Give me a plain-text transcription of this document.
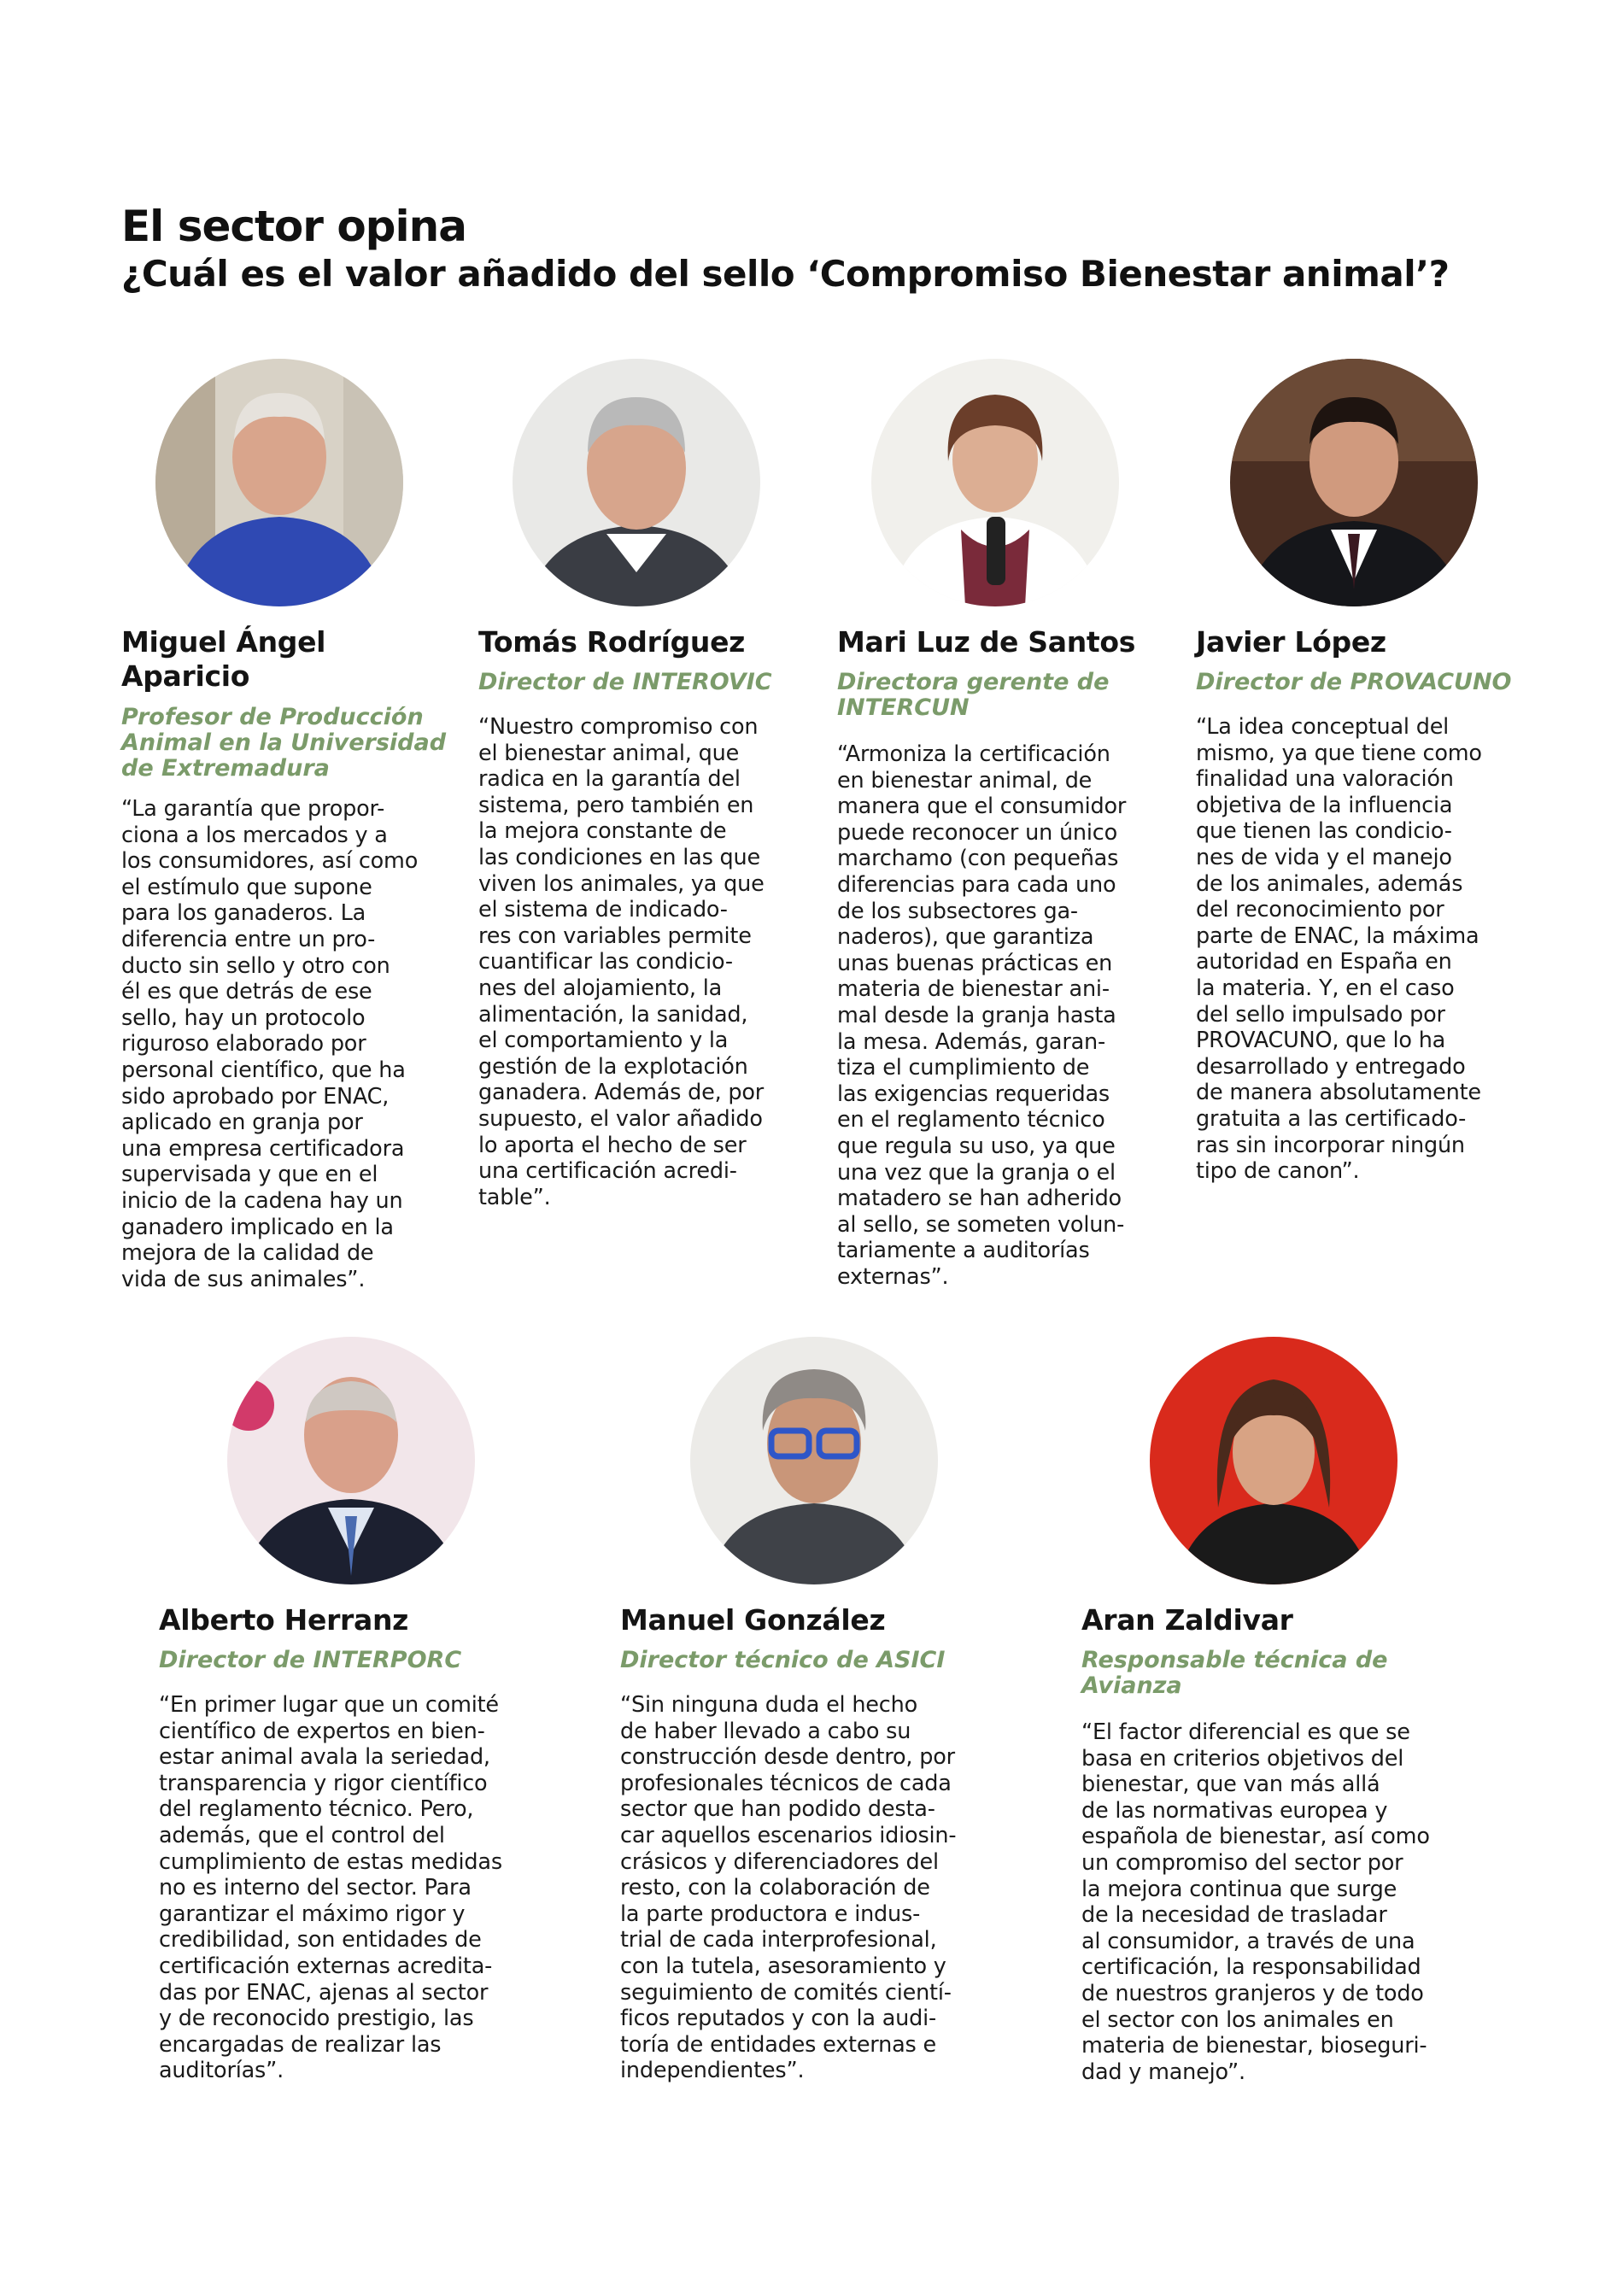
El sector opina
¿Cuál es el valor añadido del sello ‘Compromiso Bienestar animal’?
Miguel Ángel
Aparicio

Profesor de Producción Animal en la Universidad de Extremadura

“La garantía que propor-
ciona a los mercados y a
los consumidores, así como
el estímulo que supone
para los ganaderos. La
diferencia entre un pro-
ducto sin sello y otro con
él es que detrás de ese
sello, hay un protocolo
riguroso elaborado por
personal científico, que ha
sido aprobado por ENAC,
aplicado en granja por
una empresa certificadora
supervisada y que en el
inicio de la cadena hay un
ganadero implicado en la
mejora de la calidad de
vida de sus animales”.

Tomás Rodríguez

Director de INTEROVIC

“Nuestro compromiso con
el bienestar animal, que
radica en la garantía del
sistema, pero también en
la mejora constante de
las condiciones en las que
viven los animales, ya que
el sistema de indicado-
res con variables permite
cuantificar las condicio-
nes del alojamiento, la
alimentación, la sanidad,
el comportamiento y la
gestión de la explotación
ganadera. Además de, por
supuesto, el valor añadido
lo aporta el hecho de ser
una certificación acredi-
table”.

Mari Luz de Santos

Directora gerente de INTERCUN

“Armoniza la certificación
en bienestar animal, de
manera que el consumidor
puede reconocer un único
marchamo (con pequeñas
diferencias para cada uno
de los subsectores ga-
naderos), que garantiza
unas buenas prácticas en
materia de bienestar ani-
mal desde la granja hasta
la mesa. Además, garan-
tiza el cumplimiento de
las exigencias requeridas
en el reglamento técnico
que regula su uso, ya que
una vez que la granja o el
matadero se han adherido
al sello, se someten volun-
tariamente a auditorías
externas”.

Javier López

Director de PROVACUNO

“La idea conceptual del
mismo, ya que tiene como
finalidad una valoración
objetiva de la influencia
que tienen las condicio-
nes de vida y el manejo
de los animales, además
del reconocimiento por
parte de ENAC, la máxima
autoridad en España en
la materia. Y, en el caso
del sello impulsado por
PROVACUNO, que lo ha
desarrollado y entregado
de manera absolutamente
gratuita a las certificado-
ras sin incorporar ningún
tipo de canon”.

Alberto Herranz

Director de INTERPORC

“En primer lugar que un comité
científico de expertos en bien-
estar animal avala la seriedad,
transparencia y rigor científico
del reglamento técnico. Pero,
además, que el control del
cumplimiento de estas medidas
no es interno del sector. Para
garantizar el máximo rigor y
credibilidad, son entidades de
certificación externas acredita-
das por ENAC, ajenas al sector
y de reconocido prestigio, las
encargadas de realizar las
auditorías”.

Manuel González

Director técnico de ASICI

“Sin ninguna duda el hecho
de haber llevado a cabo su
construcción desde dentro, por
profesionales técnicos de cada
sector que han podido desta-
car aquellos escenarios idiosin-
crásicos y diferenciadores del
resto, con la colaboración de
la parte productora e indus-
trial de cada interprofesional,
con la tutela, asesoramiento y
seguimiento de comités cientí-
ficos reputados y con la audi-
toría de entidades externas e
independientes”.

Aran Zaldivar

Responsable técnica de Avianza

“El factor diferencial es que se
basa en criterios objetivos del
bienestar, que van más allá
de las normativas europea y
española de bienestar, así como
un compromiso del sector por
la mejora continua que surge
de la necesidad de trasladar
al consumidor, a través de una
certificación, la responsabilidad
de nuestros granjeros y de todo
el sector con los animales en
materia de bienestar, bioseguri-
dad y manejo”.
